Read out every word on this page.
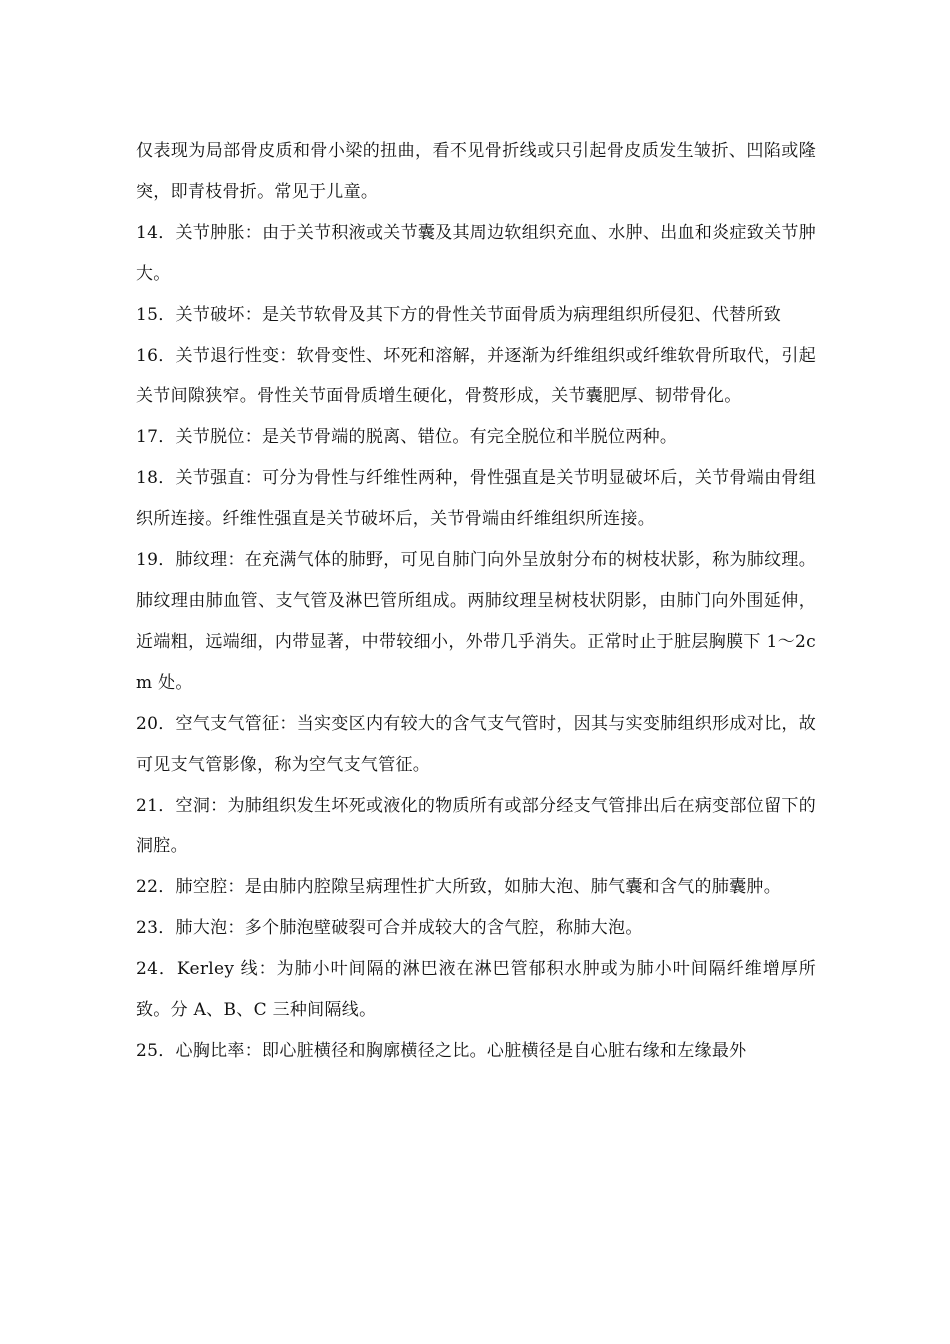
仅表现为局部骨皮质和骨小梁的扭曲，看不见骨折线或只引起骨皮质发生皱折、凹陷或隆突，即青枝骨折。常见于儿童。

14．关节肿胀：由于关节积液或关节囊及其周边软组织充血、水肿、出血和炎症致关节肿大。

15．关节破坏：是关节软骨及其下方的骨性关节面骨质为病理组织所侵犯、代替所致

16．关节退行性变：软骨变性、坏死和溶解，并逐渐为纤维组织或纤维软骨所取代，引起关节间隙狭窄。骨性关节面骨质增生硬化，骨赘形成，关节囊肥厚、韧带骨化。

17．关节脱位：是关节骨端的脱离、错位。有完全脱位和半脱位两种。

18．关节强直：可分为骨性与纤维性两种，骨性强直是关节明显破坏后，关节骨端由骨组织所连接。纤维性强直是关节破坏后，关节骨端由纤维组织所连接。

19．肺纹理：在充满气体的肺野，可见自肺门向外呈放射分布的树枝状影，称为肺纹理。肺纹理由肺血管、支气管及淋巴管所组成。两肺纹理呈树枝状阴影，由肺门向外围延伸，近端粗，远端细，内带显著，中带较细小，外带几乎消失。正常时止于脏层胸膜下 1～2cm 处。

20．空气支气管征：当实变区内有较大的含气支气管时，因其与实变肺组织形成对比，故可见支气管影像，称为空气支气管征。

21．空洞：为肺组织发生坏死或液化的物质所有或部分经支气管排出后在病变部位留下的洞腔。

22．肺空腔：是由肺内腔隙呈病理性扩大所致，如肺大泡、肺气囊和含气的肺囊肿。

23．肺大泡：多个肺泡壁破裂可合并成较大的含气腔，称肺大泡。

24．Kerley 线：为肺小叶间隔的淋巴液在淋巴管郁积水肿或为肺小叶间隔纤维增厚所致。分 A、B、C 三种间隔线。

25．心胸比率：即心脏横径和胸廓横径之比。心脏横径是自心脏右缘和左缘最外
